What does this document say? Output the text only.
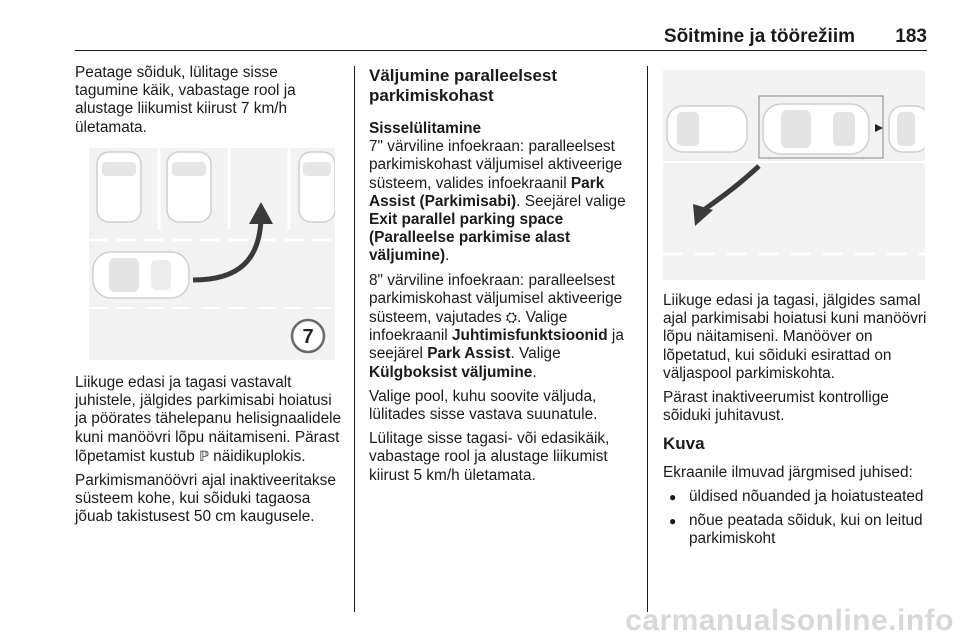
Sõitmine ja töörežiim 183

Peatage sõiduk, lülitage sisse tagumine käik, vabastage rool ja alustage liikumist kiirust 7 km/h ületamata.

7

Liikuge edasi ja tagasi vastavalt juhistele, jälgides parkimisabi hoiatusi ja pöörates tähelepanu helisignaalidele kuni manöövri lõpu näitamiseni. Pärast lõpetamist kustub ℙ näidikuplokis.

Parkimismanöövri ajal inaktiveeritakse süsteem kohe, kui sõiduki tagaosa jõuab takistusest 50 cm kaugusele.

Väljumine paralleelsest parkimiskohast
Sisselülitamine

7" värviline infoekraan: paralleelsest parkimiskohast väljumisel aktiveerige süsteem, valides infoekraanil Park Assist (Parkimisabi). Seejärel valige Exit parallel parking space (Paralleelse parkimise alast väljumine).

8" värviline infoekraan: paralleelsest parkimiskohast väljumisel aktiveerige süsteem, vajutades ⛭. Valige infoekraanil Juhtimisfunktsioonid ja seejärel Park Assist. Valige Külgboksist väljumine.

Valige pool, kuhu soovite väljuda, lülitades sisse vastava suunatule.

Lülitage sisse tagasi- või edasikäik, vabastage rool ja alustage liikumist kiirust 5 km/h ületamata.

Liikuge edasi ja tagasi, jälgides samal ajal parkimisabi hoiatusi kuni manöövri lõpu näitamiseni. Manööver on lõpetatud, kui sõiduki esirattad on väljaspool parkimiskohta.

Pärast inaktiveerumist kontrollige sõiduki juhitavust.

Kuva

Ekraanile ilmuvad järgmised juhised:

● üldised nõuanded ja hoiatusteated
● nõue peatada sõiduk, kui on leitud parkimiskoht
carmanualsonline.info
